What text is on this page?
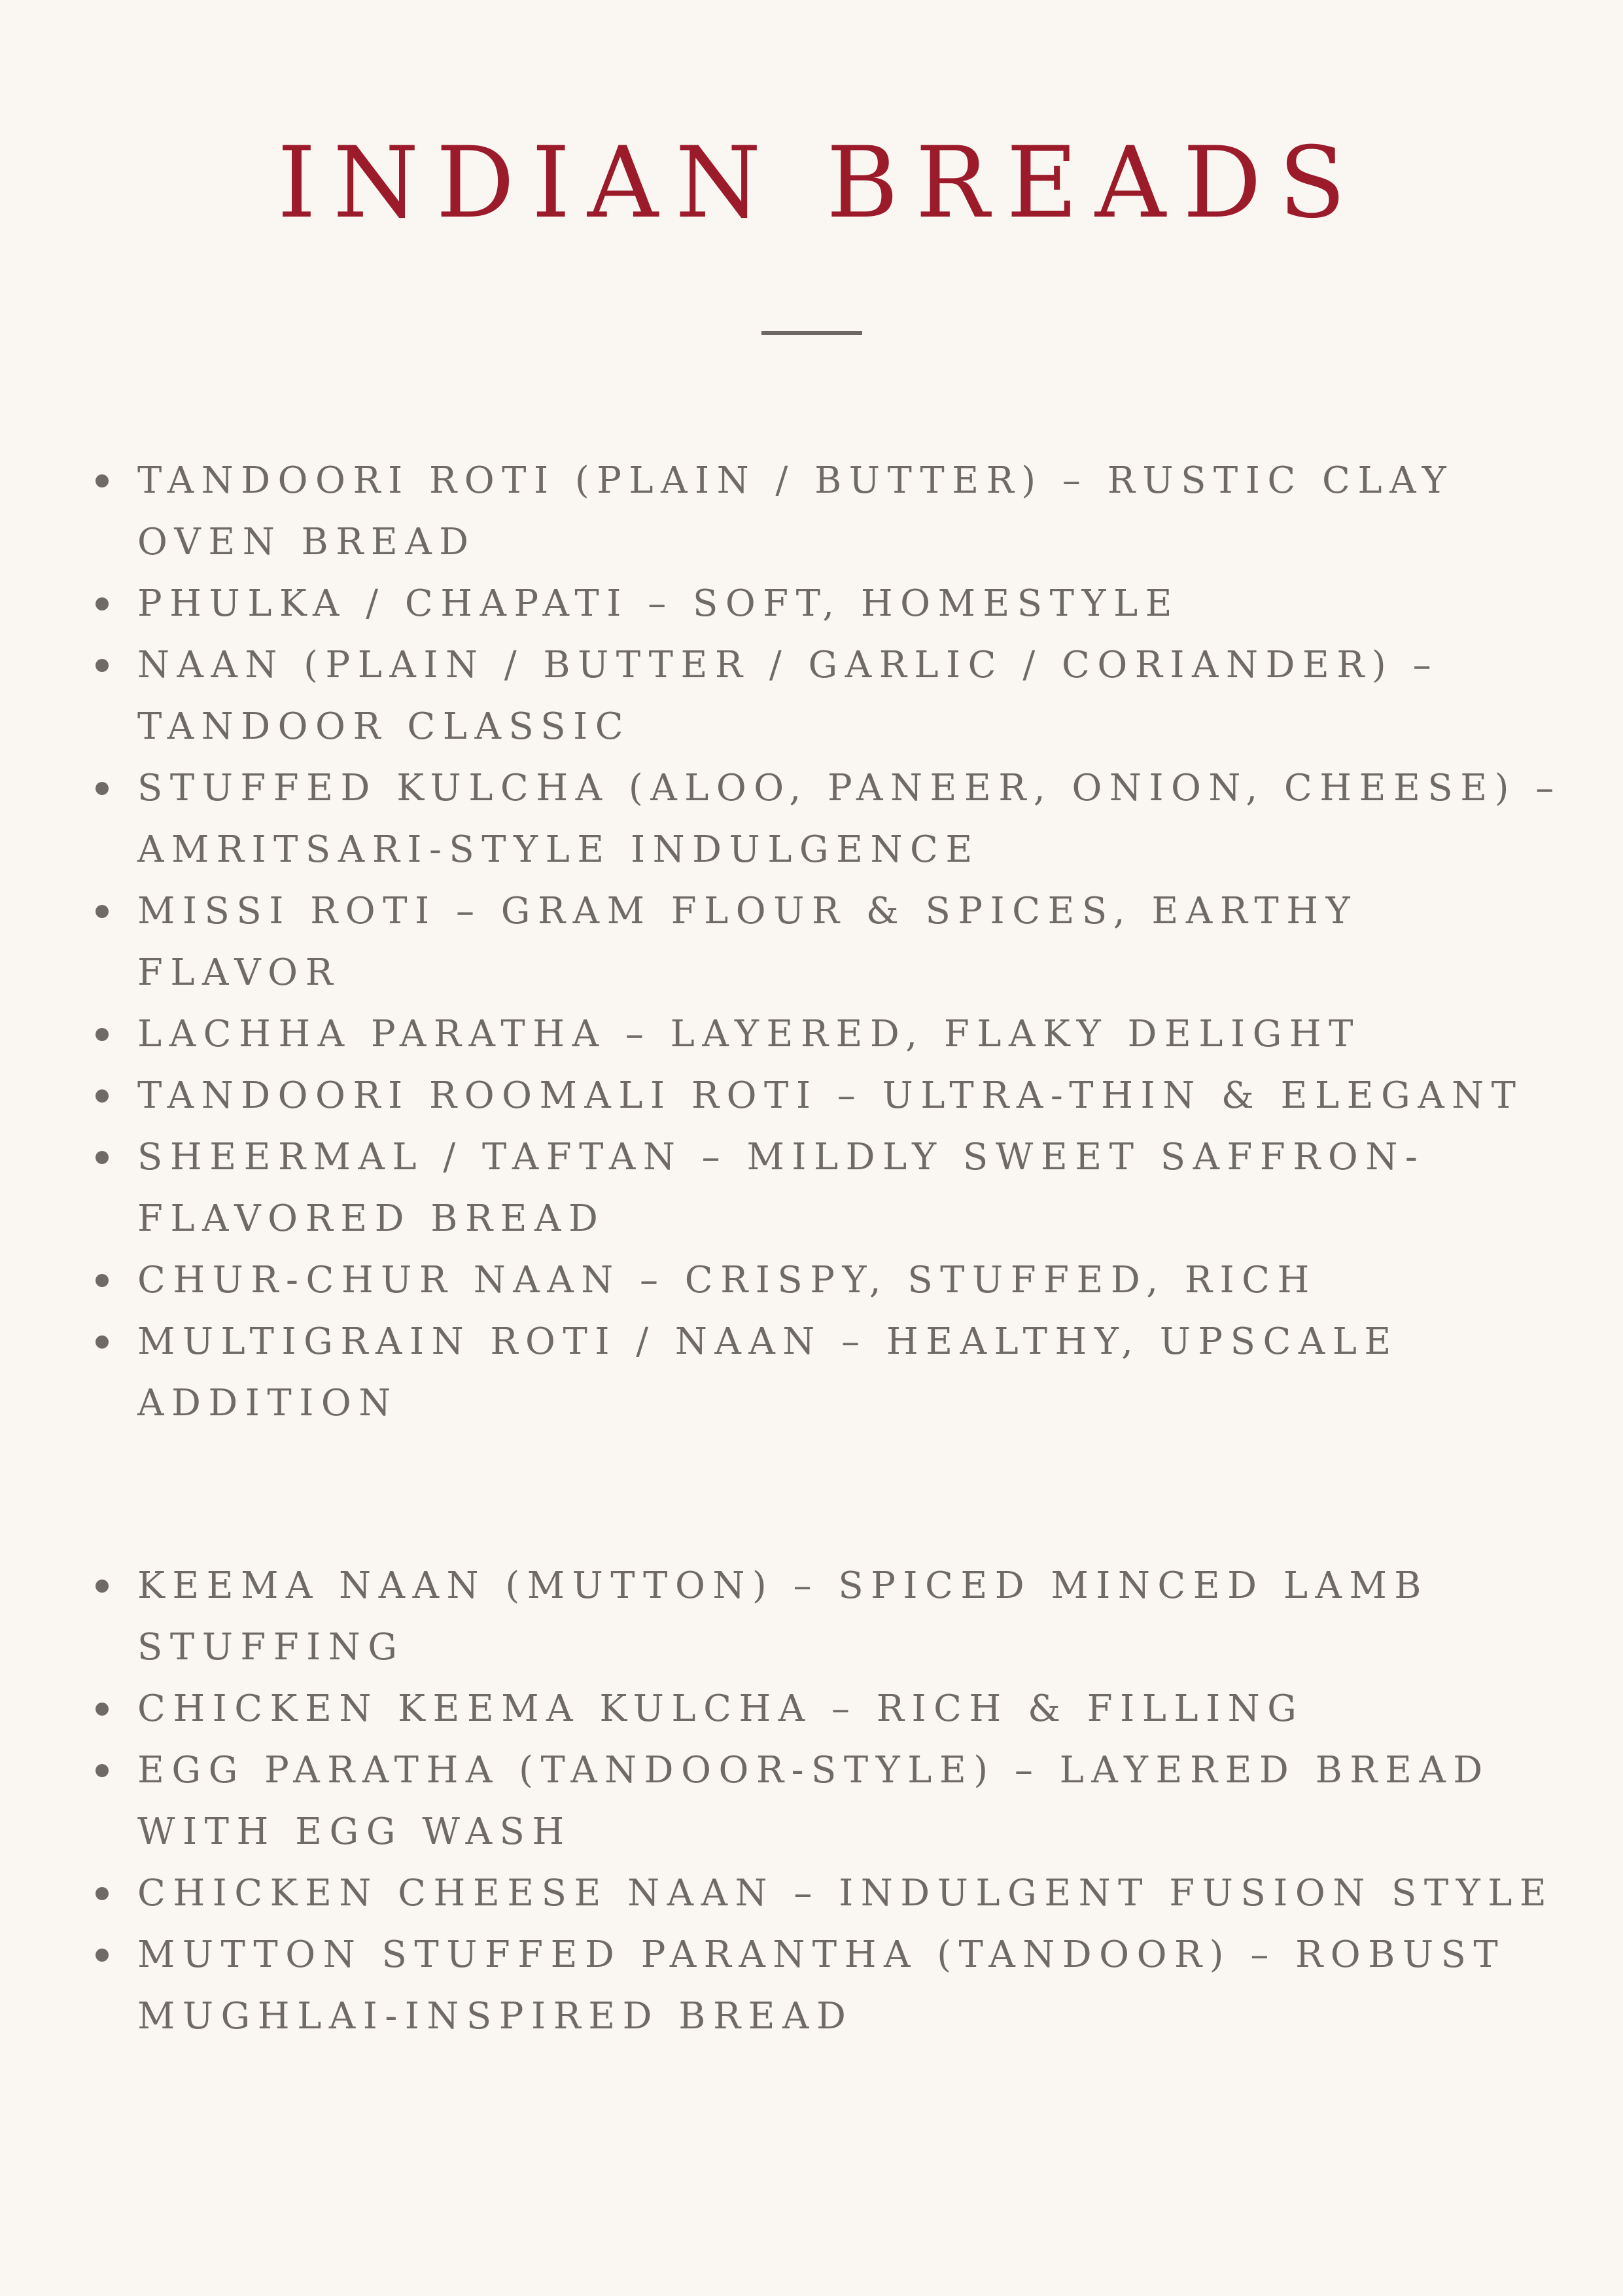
INDIAN BREADS
TANDOORI ROTI (PLAIN / BUTTER) – RUSTIC CLAY OVEN BREAD
PHULKA / CHAPATI – SOFT, HOMESTYLE
NAAN (PLAIN / BUTTER / GARLIC / CORIANDER) – TANDOOR CLASSIC
STUFFED KULCHA (ALOO, PANEER, ONION, CHEESE) – AMRITSARI-STYLE INDULGENCE
MISSI ROTI – GRAM FLOUR & SPICES, EARTHY FLAVOR
LACHHA PARATHA – LAYERED, FLAKY DELIGHT
TANDOORI ROOMALI ROTI – ULTRA-THIN & ELEGANT
SHEERMAL / TAFTAN – MILDLY SWEET SAFFRON-FLAVORED BREAD
CHUR-CHUR NAAN – CRISPY, STUFFED, RICH
MULTIGRAIN ROTI / NAAN – HEALTHY, UPSCALE ADDITION
KEEMA NAAN (MUTTON) – SPICED MINCED LAMB STUFFING
CHICKEN KEEMA KULCHA – RICH & FILLING
EGG PARATHA (TANDOOR-STYLE) – LAYERED BREAD WITH EGG WASH
CHICKEN CHEESE NAAN – INDULGENT FUSION STYLE
MUTTON STUFFED PARANTHA (TANDOOR) – ROBUST MUGHLAI-INSPIRED BREAD
